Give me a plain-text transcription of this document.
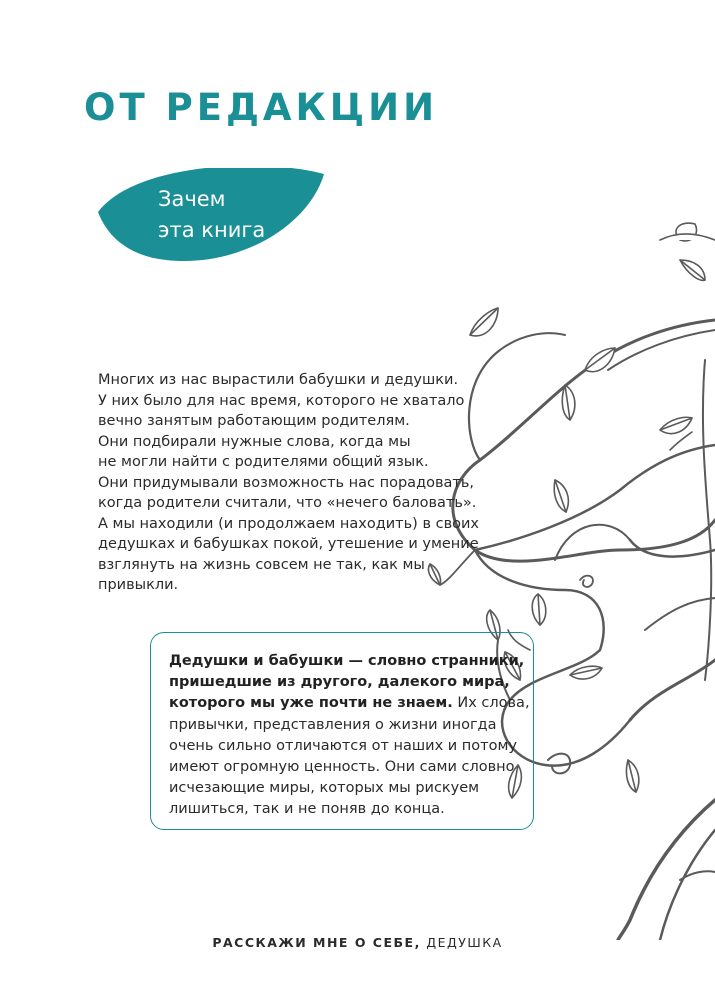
ОТ РЕДАКЦИИ

Зачем
эта книга

Многих из нас вырастили бабушки и дедушки.
У них было для нас время, которого не хватало
вечно занятым работающим родителям.
Они подбирали нужные слова, когда мы
не могли найти с родителями общий язык.
Они придумывали возможность нас порадовать,
когда родители считали, что «нечего баловать».
А мы находили (и продолжаем находить) в своих
дедушках и бабушках покой, утешение и умение
взглянуть на жизнь совсем не так, как мы
привыкли.

Дедушки и бабушки — словно странники,
пришедшие из другого, далекого мира,
которого мы уже почти не знаем. Их слова,
привычки, представления о жизни иногда
очень сильно отличаются от наших и потому
имеют огромную ценность. Они сами словно
исчезающие миры, которых мы рискуем
лишиться, так и не поняв до конца.

РАССКАЖИ МНЕ О СЕБЕ, ДЕДУШКА
